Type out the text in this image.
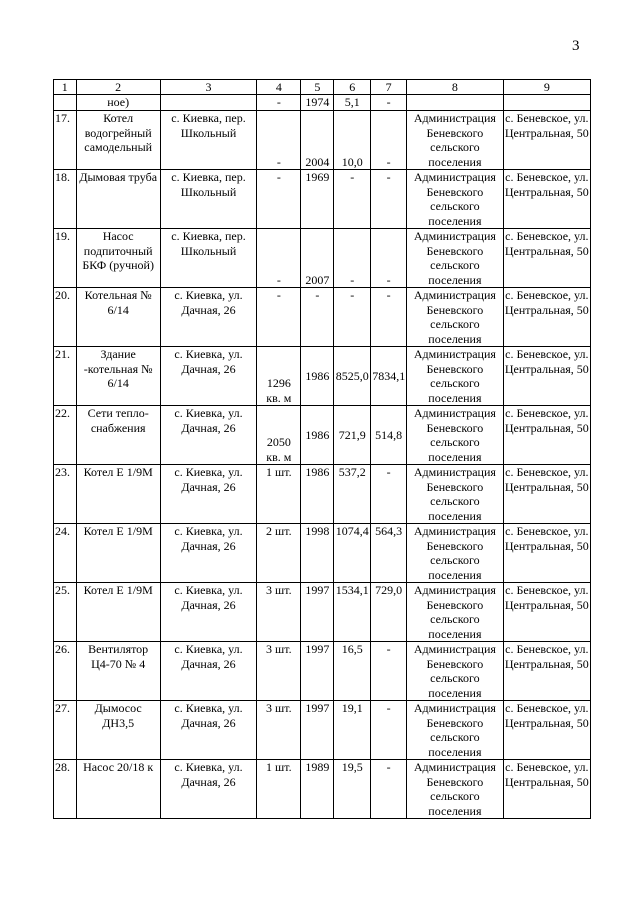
3
1	2	3	4	5	6	7	8	9
	ное)		-	1974	5,1	-		
17.	Котел водогрейный самодельный	с. Киевка, пер. Школьный	-	2004	10,0	-	Администрация Беневского сельского поселения	с. Беневское, ул. Центральная, 50
18.	Дымовая труба	с. Киевка, пер. Школьный	-	1969	-	-	Администрация Беневского сельского поселения	с. Беневское, ул. Центральная, 50
19.	Насос подпиточный БКФ (ручной)	с. Киевка, пер. Школьный	-	2007	-	-	Администрация Беневского сельского поселения	с. Беневское, ул. Центральная, 50
20.	Котельная № 6/14	с. Киевка, ул. Дачная, 26	-	-	-	-	Администрация Беневского сельского поселения	с. Беневское, ул. Центральная, 50
21.	Здание -котельная № 6/14	с. Киевка, ул. Дачная, 26	1296 кв. м	1986	8525,0	7834,1	Администрация Беневского сельского поселения	с. Беневское, ул. Центральная, 50
22.	Сети тепло-снабжения	с. Киевка, ул. Дачная, 26	2050 кв. м	1986	721,9	514,8	Администрация Беневского сельского поселения	с. Беневское, ул. Центральная, 50
23.	Котел Е 1/9М	с. Киевка, ул. Дачная, 26	1 шт.	1986	537,2	-	Администрация Беневского сельского поселения	с. Беневское, ул. Центральная, 50
24.	Котел Е 1/9М	с. Киевка, ул. Дачная, 26	2 шт.	1998	1074,4	564,3	Администрация Беневского сельского поселения	с. Беневское, ул. Центральная, 50
25.	Котел Е 1/9М	с. Киевка, ул. Дачная, 26	3 шт.	1997	1534,1	729,0	Администрация Беневского сельского поселения	с. Беневское, ул. Центральная, 50
26.	Вентилятор Ц4-70 № 4	с. Киевка, ул. Дачная, 26	3 шт.	1997	16,5	-	Администрация Беневского сельского поселения	с. Беневское, ул. Центральная, 50
27.	Дымосос ДН3,5	с. Киевка, ул. Дачная, 26	3 шт.	1997	19,1	-	Администрация Беневского сельского поселения	с. Беневское, ул. Центральная, 50
28.	Насос 20/18 к	с. Киевка, ул. Дачная, 26	1 шт.	1989	19,5	-	Администрация Беневского сельского поселения	с. Беневское, ул. Центральная, 50
